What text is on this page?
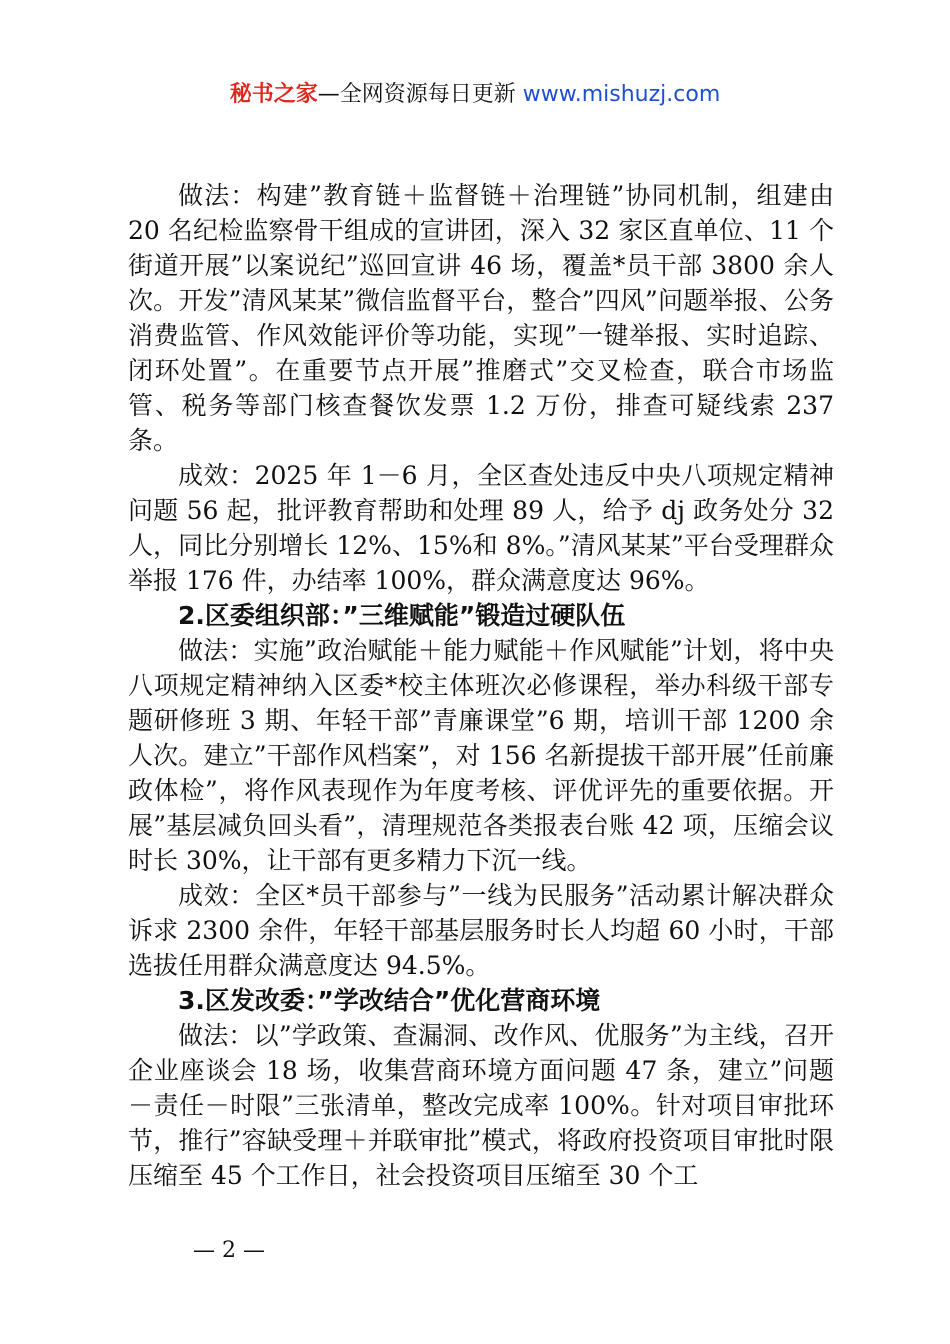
秘书之家—全网资源每日更新 www.mishuzj.com

做法：构建”教育链＋监督链＋治理链”协同机制，组建由 20 名纪检监察骨干组成的宣讲团，深入 32 家区直单位、11 个街道开展”以案说纪”巡回宣讲 46 场，覆盖*员干部 3800 余人次。开发”清风某某”微信监督平台，整合”四风”问题举报、公务消费监管、作风效能评价等功能，实现”一键举报、实时追踪、闭环处置”。在重要节点开展”推磨式”交叉检查，联合市场监管、税务等部门核查餐饮发票 1.2 万份，排查可疑线索 237 条。

成效：2025 年 1－6 月，全区查处违反中央八项规定精神问题 56 起，批评教育帮助和处理 89 人，给予 dj 政务处分 32 人，同比分别增长 12%、15%和 8%。”清风某某”平台受理群众举报 176 件，办结率 100%，群众满意度达 96%。

2.区委组织部：”三维赋能”锻造过硬队伍

做法：实施”政治赋能＋能力赋能＋作风赋能”计划，将中央八项规定精神纳入区委*校主体班次必修课程，举办科级干部专题研修班 3 期、年轻干部”青廉课堂”6 期，培训干部 1200 余人次。建立”干部作风档案”，对 156 名新提拔干部开展”任前廉政体检”，将作风表现作为年度考核、评优评先的重要依据。开展”基层减负回头看”，清理规范各类报表台账 42 项，压缩会议时长 30%，让干部有更多精力下沉一线。

成效：全区*员干部参与”一线为民服务”活动累计解决群众诉求 2300 余件，年轻干部基层服务时长人均超 60 小时，干部选拔任用群众满意度达 94.5%。

3.区发改委：”学改结合”优化营商环境

做法：以”学政策、查漏洞、改作风、优服务”为主线，召开企业座谈会 18 场，收集营商环境方面问题 47 条，建立”问题－责任－时限”三张清单，整改完成率 100%。针对项目审批环节，推行”容缺受理＋并联审批”模式，将政府投资项目审批时限压缩至 45 个工作日，社会投资项目压缩至 30 个工

— 2 —
